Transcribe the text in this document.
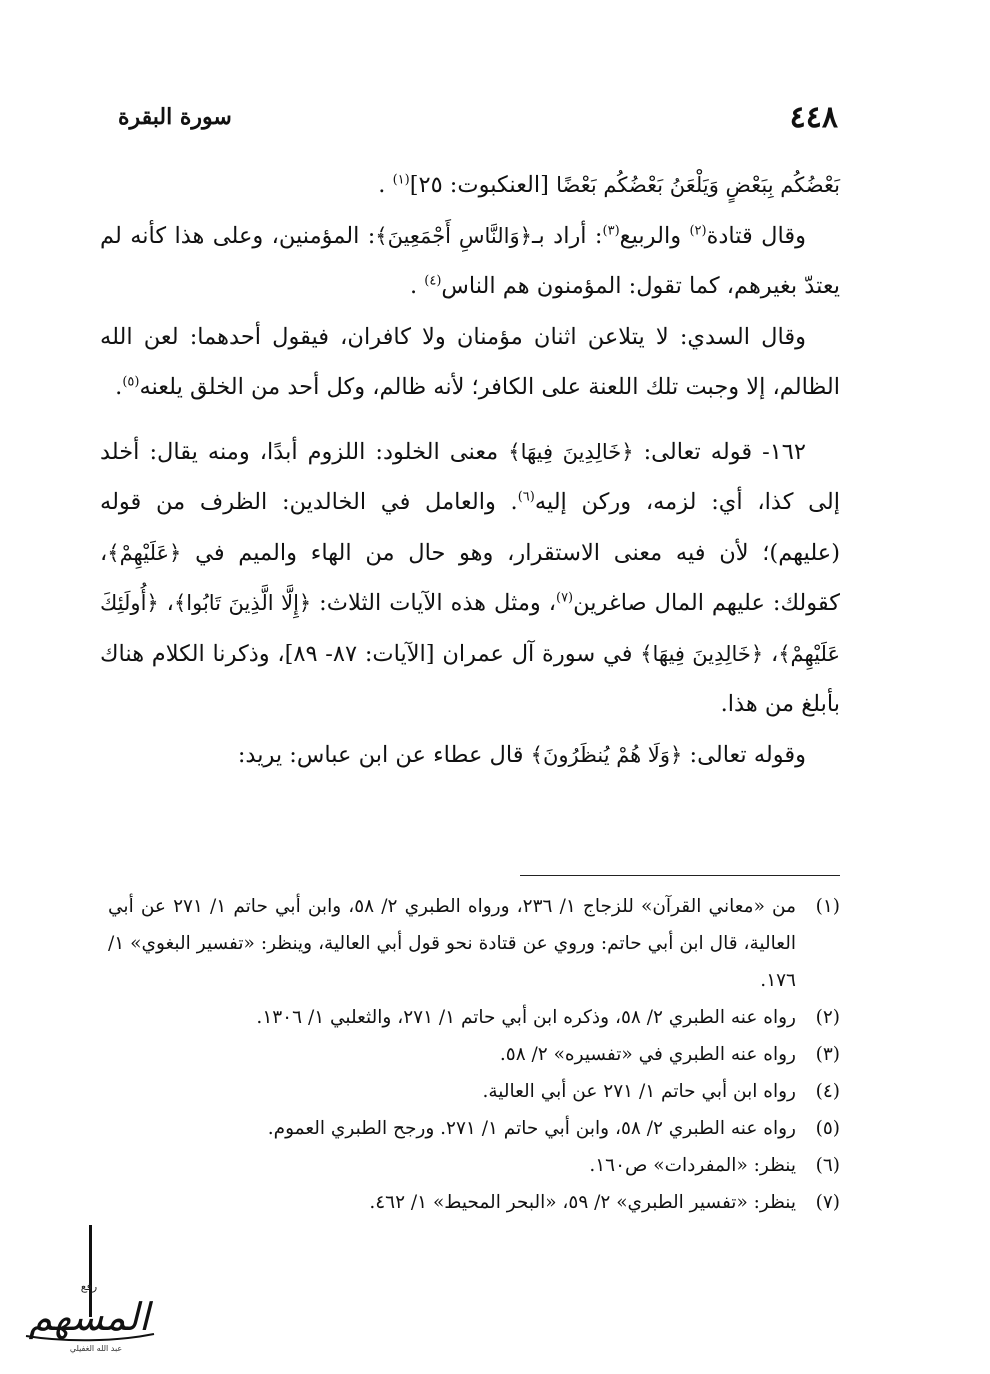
٤٤٨
سورة البقرة

بَعْضُكُم بِبَعْضٍ وَيَلْعَنُ بَعْضُكُم بَعْضًا [العنكبوت: ٢٥]$^{(١)}$ .

وقال قتادة$^{(٢)}$ والربيع$^{(٣)}$: أراد بـ﴿وَالنَّاسِ أَجْمَعِينَ﴾: المؤمنين، وعلى هذا كأنه لم يعتدّ بغيرهم، كما تقول: المؤمنون هم الناس$^{(٤)}$ .

وقال السدي: لا يتلاعن اثنان مؤمنان ولا كافران، فيقول أحدهما: لعن الله الظالم، إلا وجبت تلك اللعنة على الكافر؛ لأنه ظالم، وكل أحد من الخلق يلعنه$^{(٥)}$.

١٦٢- قوله تعالى: ﴿خَالِدِينَ فِيهَا﴾ معنى الخلود: اللزوم أبدًا، ومنه يقال: أخلد إلى كذا، أي: لزمه، وركن إليه$^{(٦)}$. والعامل في الخالدين: الظرف من قوله (عليهم)؛ لأن فيه معنى الاستقرار، وهو حال من الهاء والميم في ﴿عَلَيْهِمْ﴾، كقولك: عليهم المال صاغرين$^{(٧)}$، ومثل هذه الآيات الثلاث: ﴿إِلَّا الَّذِينَ تَابُوا﴾، ﴿أُولَئِكَ عَلَيْهِمْ﴾، ﴿خَالِدِينَ فِيهَا﴾ في سورة آل عمران [الآيات: ٨٧- ٨٩]، وذكرنا الكلام هناك بأبلغ من هذا.

وقوله تعالى: ﴿وَلَا هُمْ يُنظَرُونَ﴾ قال عطاء عن ابن عباس: يريد:

(١)
من «معاني القرآن» للزجاج ١/ ٢٣٦، ورواه الطبري ٢/ ٥٨، وابن أبي حاتم ١/ ٢٧١ عن أبي العالية، قال ابن أبي حاتم: وروي عن قتادة نحو قول أبي العالية، وينظر: «تفسير البغوي» ١/ ١٧٦.
(٢)
رواه عنه الطبري ٢/ ٥٨، وذكره ابن أبي حاتم ١/ ٢٧١، والثعلبي ١/ ١٣٠٦.
(٣)
رواه عنه الطبري في «تفسيره» ٢/ ٥٨.
(٤)
رواه ابن أبي حاتم ١/ ٢٧١ عن أبي العالية.
(٥)
رواه عنه الطبري ٢/ ٥٨، وابن أبي حاتم ١/ ٢٧١. ورجح الطبري العموم.
(٦)
ينظر: «المفردات» ص١٦٠.
(٧)
ينظر: «تفسير الطبري» ٢/ ٥٩، «البحر المحيط» ١/ ٤٦٢.
رفع
المسهم
عبد الله الغفيلي
